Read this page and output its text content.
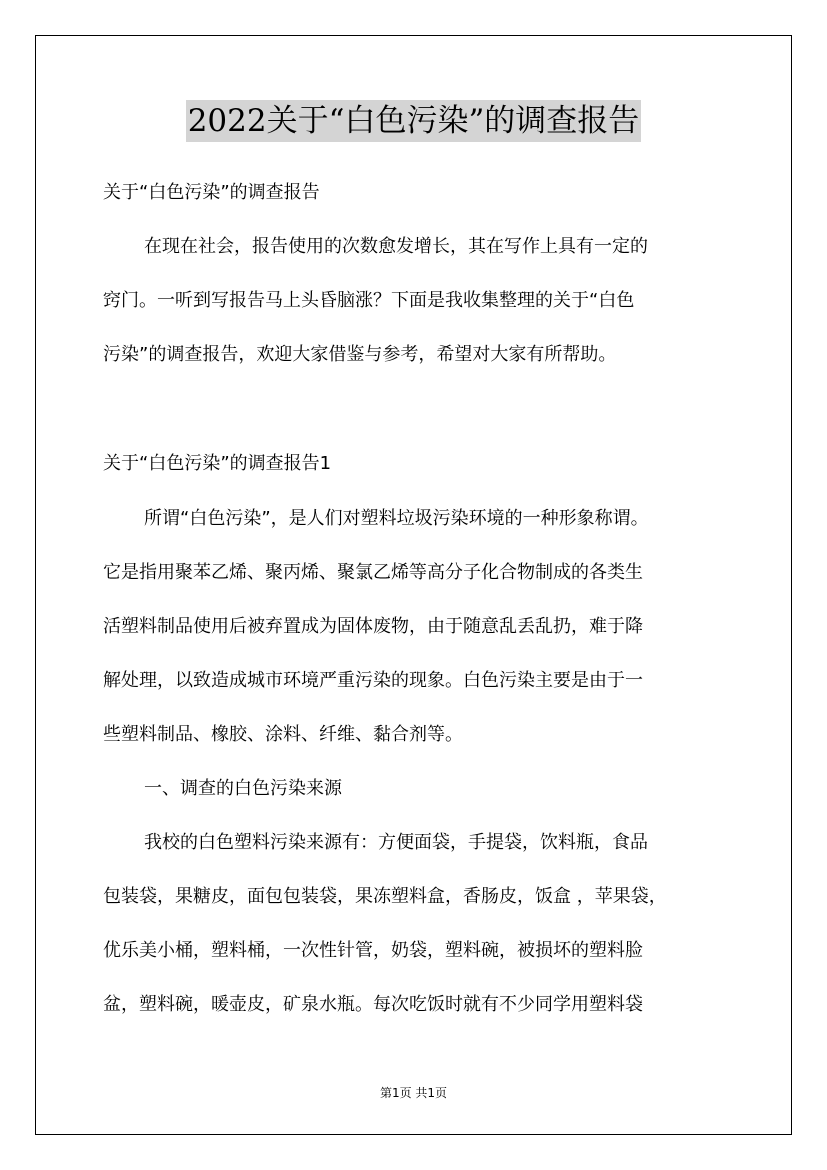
2022关于“白色污染”的调查报告
关于“白色污染”的调查报告
在现在社会，报告使用的次数愈发增长，其在写作上具有一定的
窍门。一听到写报告马上头昏脑涨？下面是我收集整理的关于“白色
污染”的调查报告，欢迎大家借鉴与参考，希望对大家有所帮助。
关于“白色污染”的调查报告1
所谓“白色污染”，是人们对塑料垃圾污染环境的一种形象称谓。
它是指用聚苯乙烯、聚丙烯、聚氯乙烯等高分子化合物制成的各类生
活塑料制品使用后被弃置成为固体废物，由于随意乱丢乱扔，难于降
解处理，以致造成城市环境严重污染的现象。白色污染主要是由于一
些塑料制品、橡胶、涂料、纤维、黏合剂等。
一、调查的白色污染来源
我校的白色塑料污染来源有：方便面袋，手提袋，饮料瓶，食品
包装袋，果糖皮，面包包装袋，果冻塑料盒，香肠皮，饭盒 ，苹果袋，
优乐美小桶，塑料桶，一次性针管，奶袋，塑料碗，被损坏的塑料脸
盆，塑料碗，暖壶皮，矿泉水瓶。每次吃饭时就有不少同学用塑料袋
第1页 共1页
